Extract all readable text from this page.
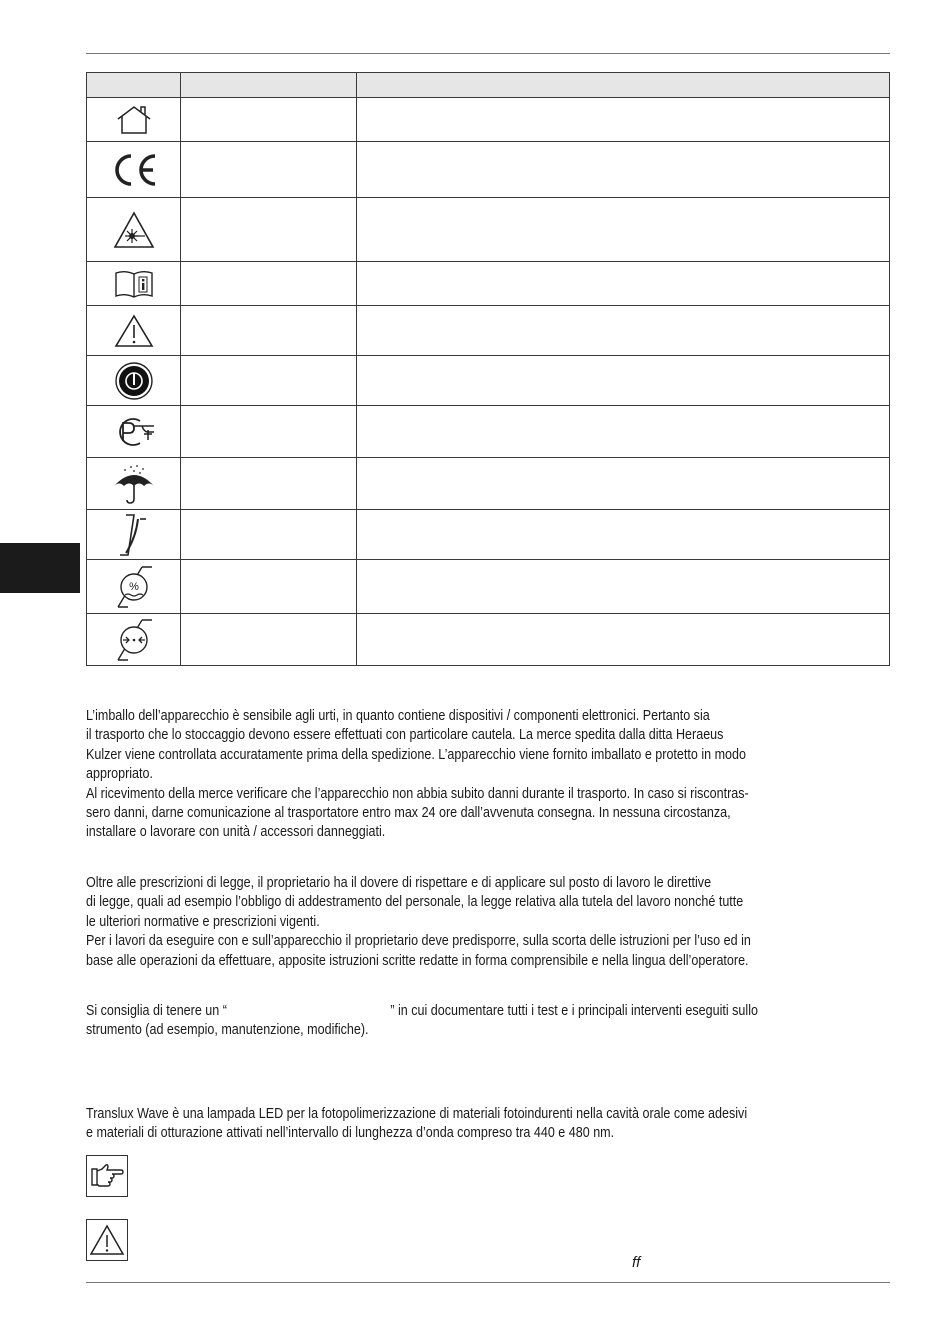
%		

L’imballo dell’apparecchio è sensibile agli urti, in quanto contiene dispositivi / componenti elettronici. Pertanto sia
il trasporto che lo stoccaggio devono essere effettuati con particolare cautela. La merce spedita dalla ditta Heraeus
Kulzer viene controllata accuratamente prima della spedizione. L’apparecchio viene fornito imballato e protetto in modo
appropriato.
Al ricevimento della merce verificare che l’apparecchio non abbia subito danni durante il trasporto. In caso si riscontras-
sero danni, darne comunicazione al trasportatore entro max 24 ore dall’avvenuta consegna. In nessuna circostanza,
installare o lavorare con unità / accessori danneggiati.
Oltre alle prescrizioni di legge, il proprietario ha il dovere di rispettare e di applicare sul posto di lavoro le direttive
di legge, quali ad esempio l’obbligo di addestramento del personale, la legge relativa alla tutela del lavoro nonché tutte
le ulteriori normative e prescrizioni vigenti.
Per i lavori da eseguire con e sull’apparecchio il proprietario deve predisporre, sulla scorta delle istruzioni per l’uso ed in
base alle operazioni da effettuare, apposite istruzioni scritte redatte in forma comprensibile e nella lingua dell’operatore.
Si consiglia di tenere un “	” in cui documentare tutti i test e i principali interventi eseguiti sullo
strumento (ad esempio, manutenzione, modifiche).
Translux Wave è una lampada LED per la fotopolimerizzazione di materiali fotoindurenti nella cavità orale come adesivi
e materiali di otturazione attivati nell’intervallo di lunghezza d’onda compreso tra 440 e 480 nm.
ff
